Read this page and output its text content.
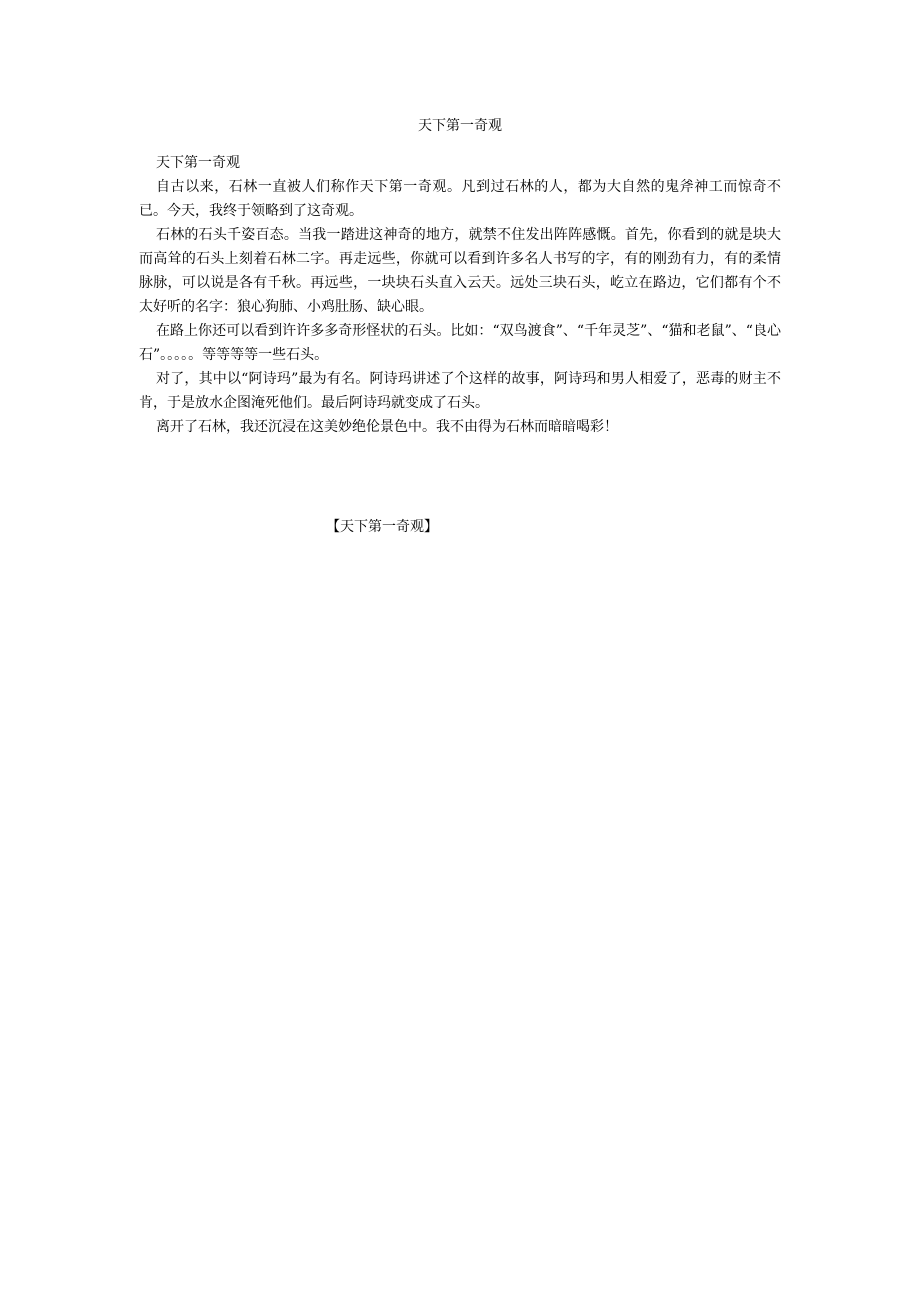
天下第一奇观

天下第一奇观

自古以来，石林一直被人们称作天下第一奇观。凡到过石林的人，都为大自然的鬼斧神工而惊奇不已。今天，我终于领略到了这奇观。

石林的石头千姿百态。当我一踏进这神奇的地方，就禁不住发出阵阵感慨。首先，你看到的就是块大而高耸的石头上刻着石林二字。再走远些，你就可以看到许多名人书写的字，有的刚劲有力，有的柔情脉脉，可以说是各有千秋。再远些，一块块石头直入云天。远处三块石头，屹立在路边，它们都有个不太好听的名字：狼心狗肺、小鸡肚肠、缺心眼。

在路上你还可以看到许许多多奇形怪状的石头。比如：“双鸟渡食”、“千年灵芝”、“猫和老鼠”、“良心石”。。。。。等等等等一些石头。

对了，其中以“阿诗玛”最为有名。阿诗玛讲述了个这样的故事，阿诗玛和男人相爱了，恶毒的财主不肯，于是放水企图淹死他们。最后阿诗玛就变成了石头。

离开了石林，我还沉浸在这美妙绝伦景色中。我不由得为石林而暗暗喝彩！

【天下第一奇观】
